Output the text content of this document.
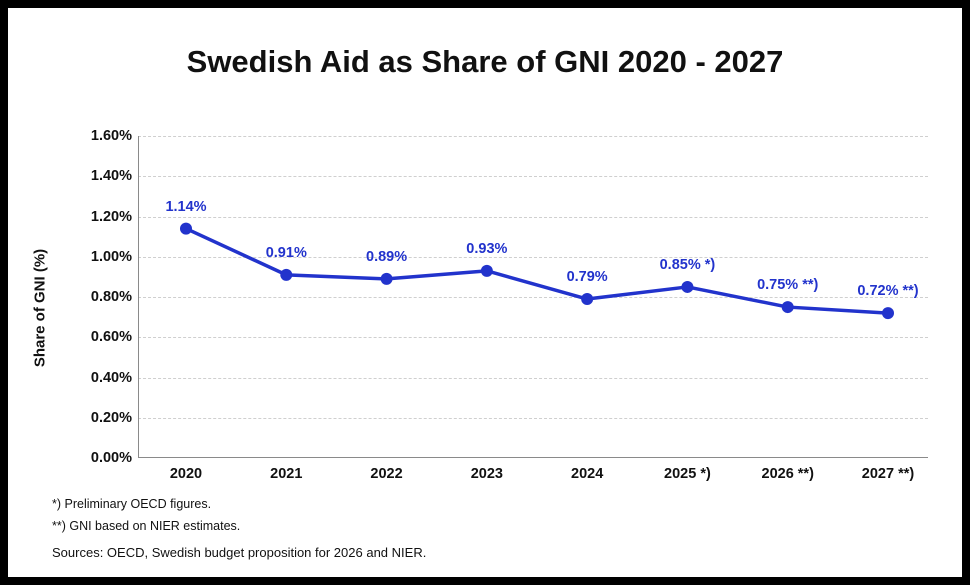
Swedish Aid as Share of GNI 2020 - 2027
Share of GNI (%)
0.00%
0.20%
0.40%
0.60%
0.80%
1.00%
1.20%
1.40%
1.60%
2020	2021	2022	2023	2024	2025 *)	2026 **)	2027 **)
1.14%
0.91%	0.89%
0.93%
0.79%
0.85% *)
0.75% **)	0.72% **)
*) Preliminary OECD figures.
**) GNI based on NIER estimates.
Sources: OECD, Swedish budget proposition for 2026 and NIER.
